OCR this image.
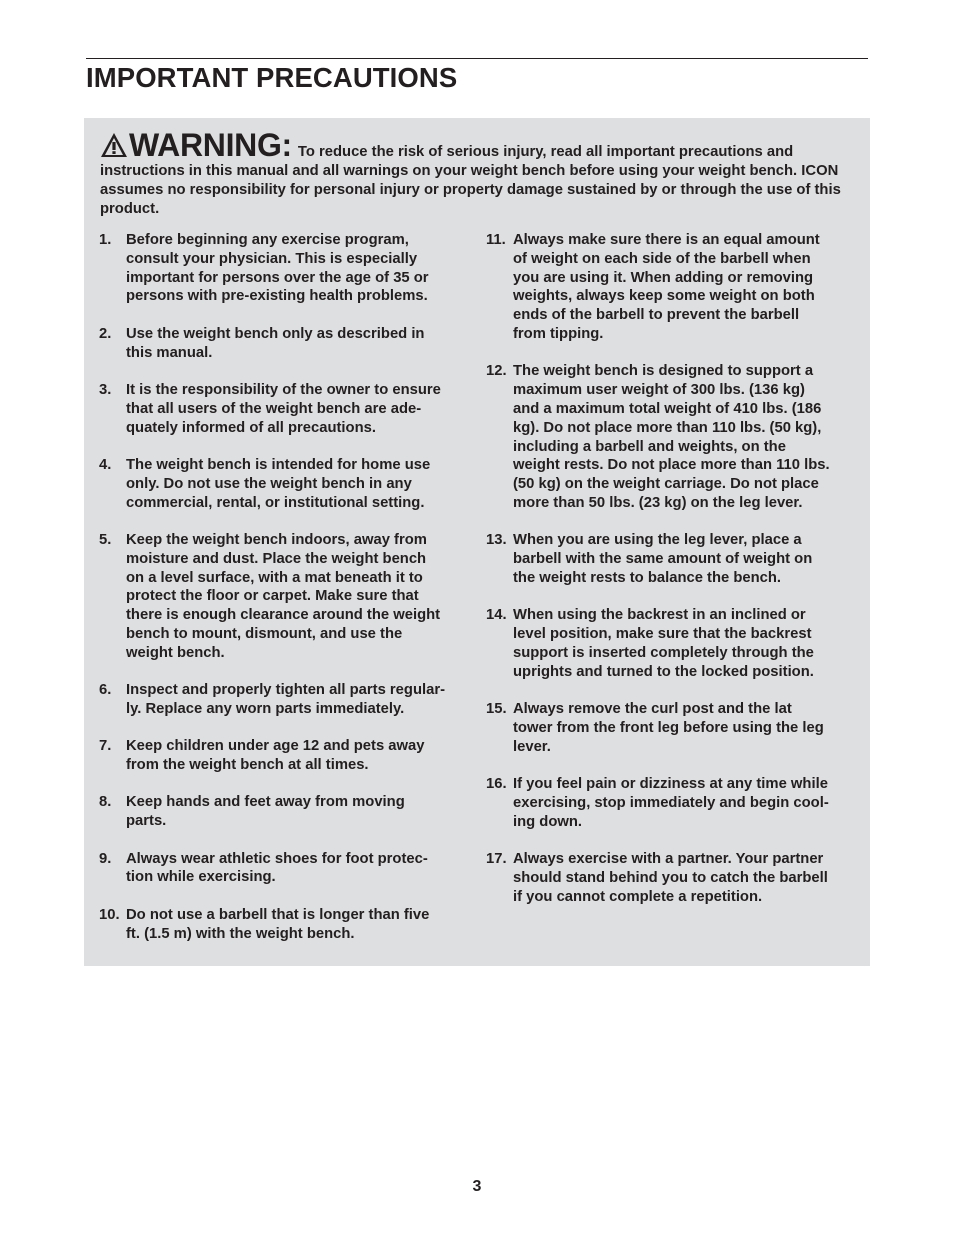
IMPORTANT PRECAUTIONS
WARNING: To reduce the risk of serious injury, read all important precautions and instructions in this manual and all warnings on your weight bench before using your weight bench. ICON assumes no responsibility for personal injury or property damage sustained by or through the use of this product.
1. Before beginning any exercise program,
consult your physician. This is especially
important for persons over the age of 35 or
persons with pre-existing health problems.
2. Use the weight bench only as described in
this manual.
3. It is the responsibility of the owner to ensure
that all users of the weight bench are ade-
quately informed of all precautions.
4. The weight bench is intended for home use
only. Do not use the weight bench in any
commercial, rental, or institutional setting.
5. Keep the weight bench indoors, away from
moisture and dust. Place the weight bench
on a level surface, with a mat beneath it to
protect the floor or carpet. Make sure that
there is enough clearance around the weight
bench to mount, dismount, and use the
weight bench.
6. Inspect and properly tighten all parts regular-
ly. Replace any worn parts immediately.
7. Keep children under age 12 and pets away
from the weight bench at all times.
8. Keep hands and feet away from moving
parts.
9. Always wear athletic shoes for foot protec-
tion while exercising.
10. Do not use a barbell that is longer than five
ft. (1.5 m) with the weight bench.
11. Always make sure there is an equal amount
of weight on each side of the barbell when
you are using it. When adding or removing
weights, always keep some weight on both
ends of the barbell to prevent the barbell
from tipping.
12. The weight bench is designed to support a
maximum user weight of 300 lbs. (136 kg)
and a maximum total weight of 410 lbs. (186
kg). Do not place more than 110 lbs. (50 kg),
including a barbell and weights, on the
weight rests. Do not place more than 110 lbs.
(50 kg) on the weight carriage. Do not place
more than 50 lbs. (23 kg) on the leg lever.
13. When you are using the leg lever, place a
barbell with the same amount of weight on
the weight rests to balance the bench.
14. When using the backrest in an inclined or
level position, make sure that the backrest
support is inserted completely through the
uprights and turned to the locked position.
15. Always remove the curl post and the lat
tower from the front leg before using the leg
lever.
16. If you feel pain or dizziness at any time while
exercising, stop immediately and begin cool-
ing down.
17. Always exercise with a partner. Your partner
should stand behind you to catch the barbell
if you cannot complete a repetition.
3
